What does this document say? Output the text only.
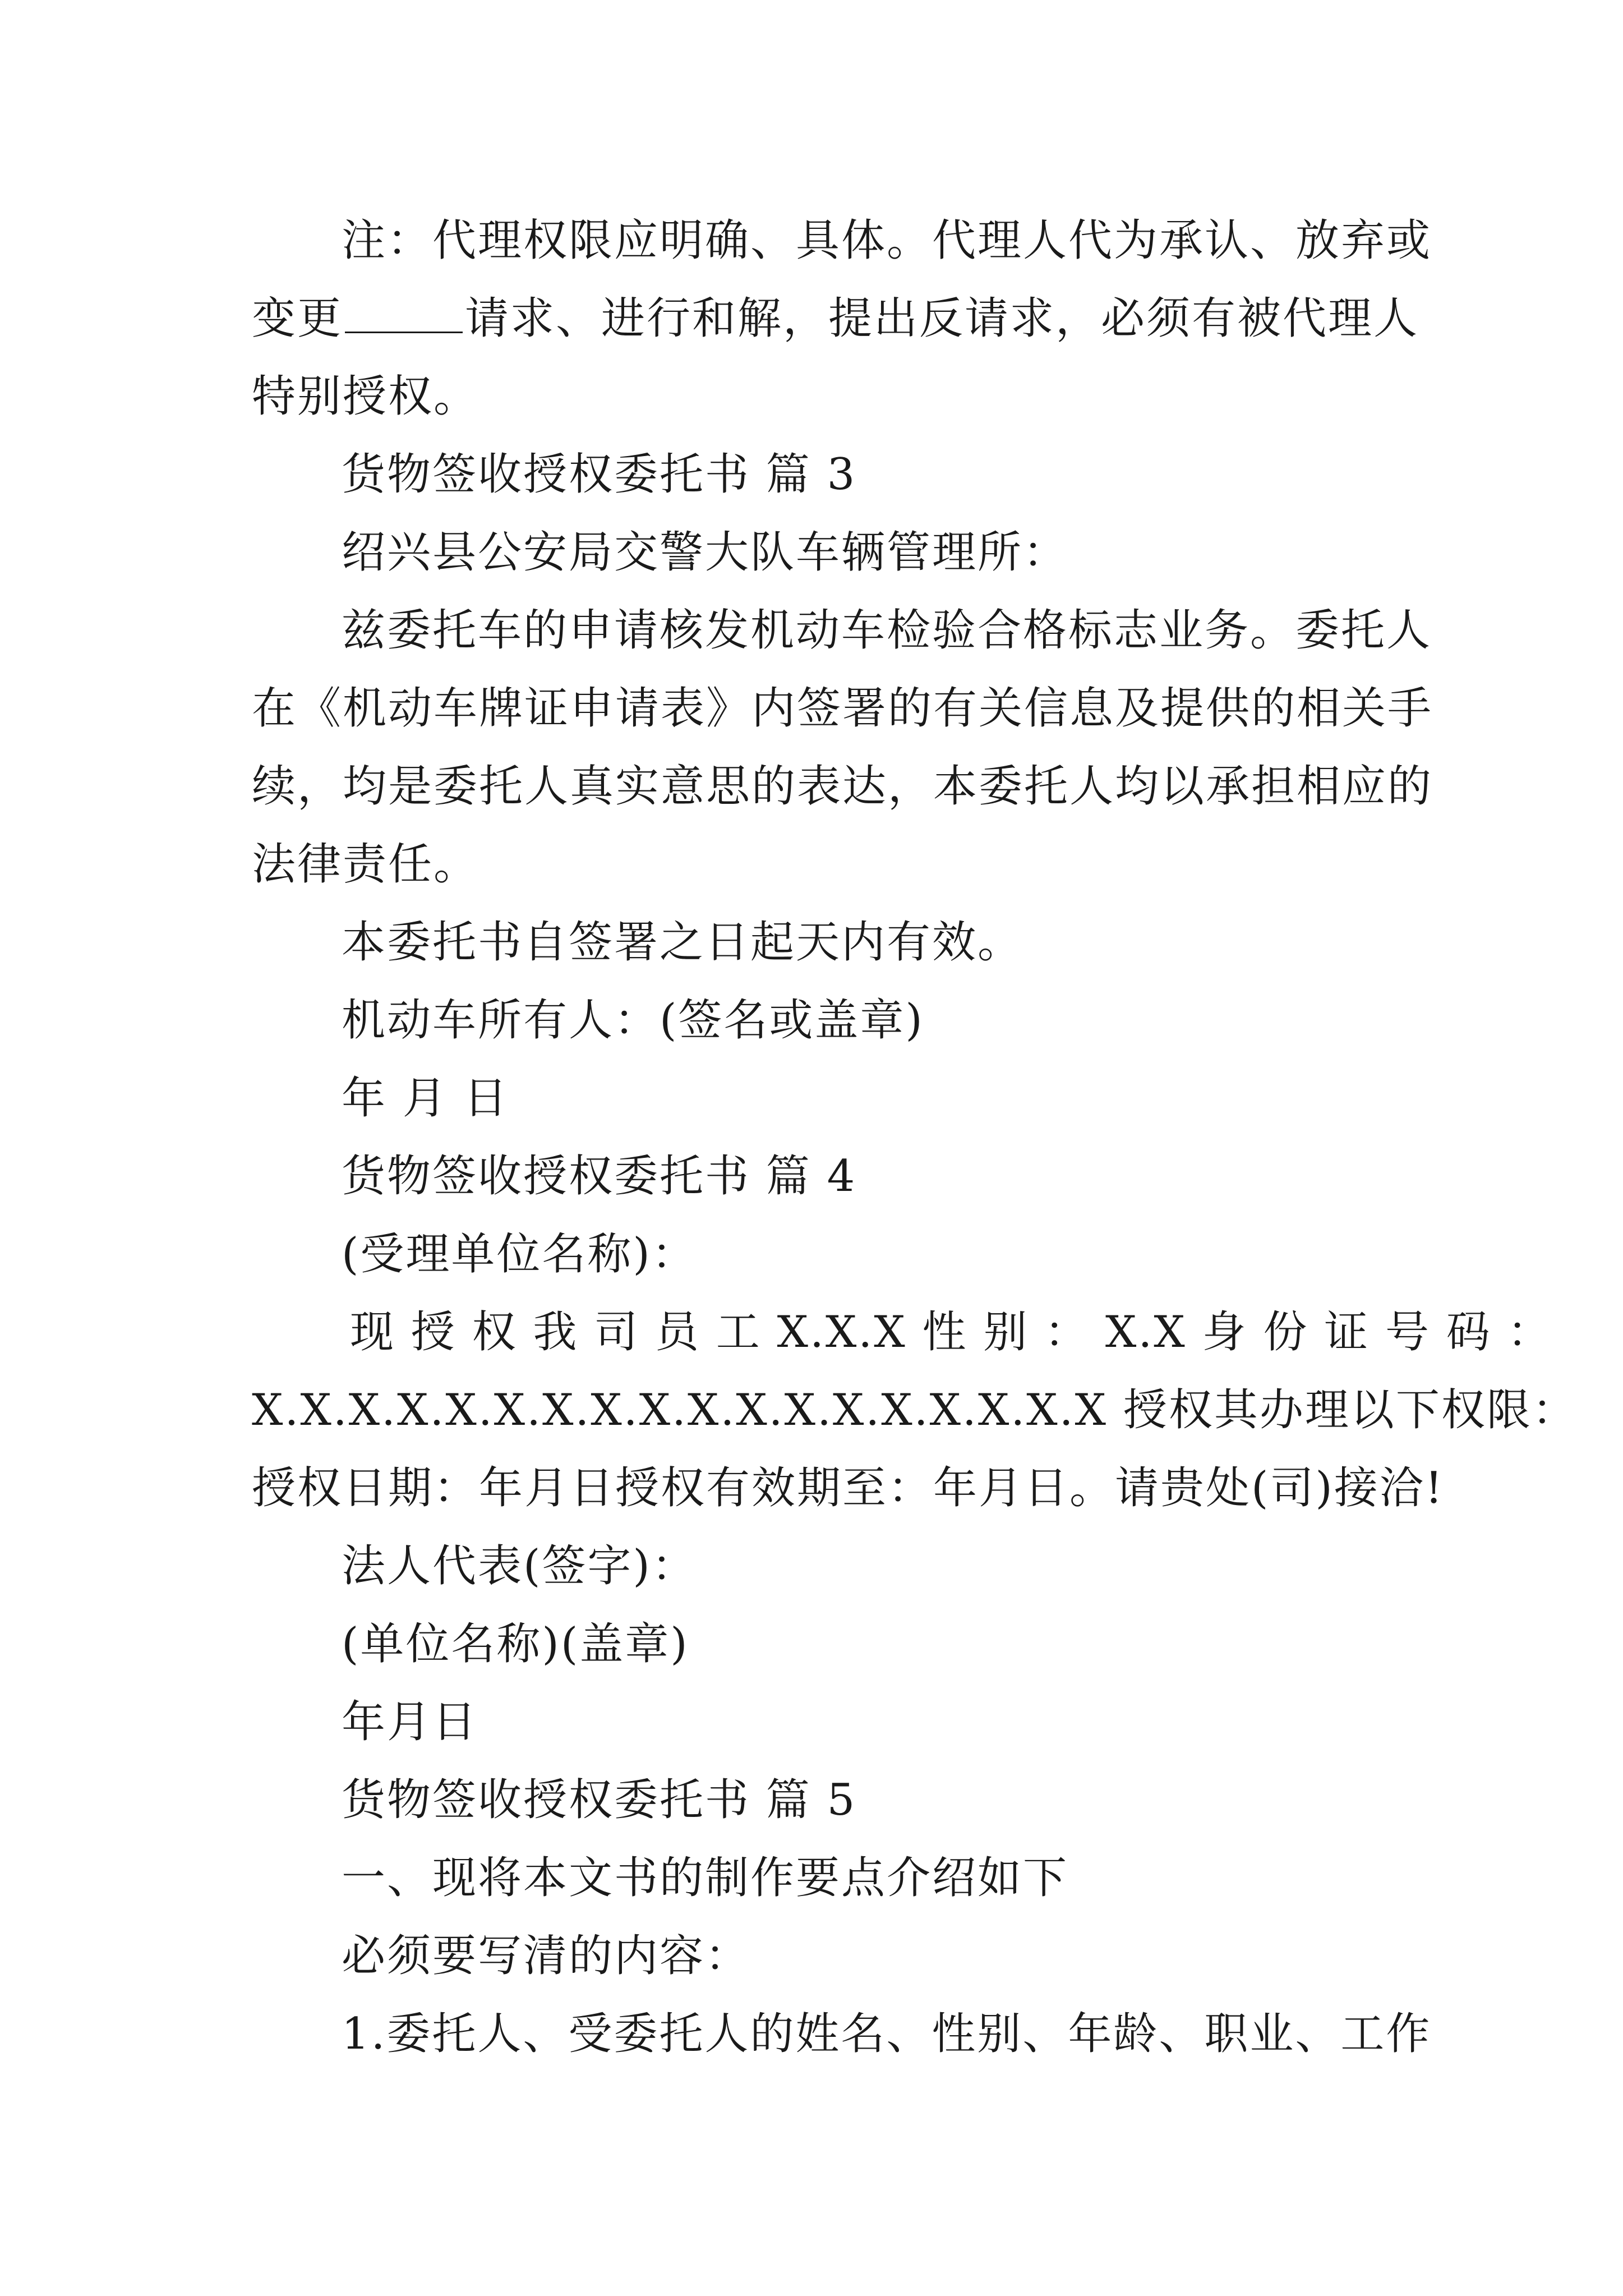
注：代理权限应明确、具体。代理人代为承认、放弃或
变更	请求、进行和解，提出反请求，必须有被代理人
特别授权。
货物签收授权委托书 篇 3
绍兴县公安局交警大队车辆管理所：
兹委托车的申请核发机动车检验合格标志业务。委托人
在《机动车牌证申请表》内签署的有关信息及提供的相关手
续，均是委托人真实意思的表达，本委托人均以承担相应的
法律责任。
本委托书自签署之日起天内有效。
机动车所有人：(签名或盖章)
年 月 日
货物签收授权委托书 篇 4
(受理单位名称)：
现 授 权 我 司 员 工 X.X.X 性 别 ： X.X 身 份 证 号 码 ：
X.X.X.X.X.X.X.X.X.X.X.X.X.X.X.X.X.X 授权其办理以下权限：
授权日期：年月日授权有效期至：年月日。请贵处(司)接洽!
法人代表(签字)：
(单位名称)(盖章)
年月日
货物签收授权委托书 篇 5
一、现将本文书的制作要点介绍如下
必须要写清的内容：
1.委托人、受委托人的姓名、性别、年龄、职业、工作
